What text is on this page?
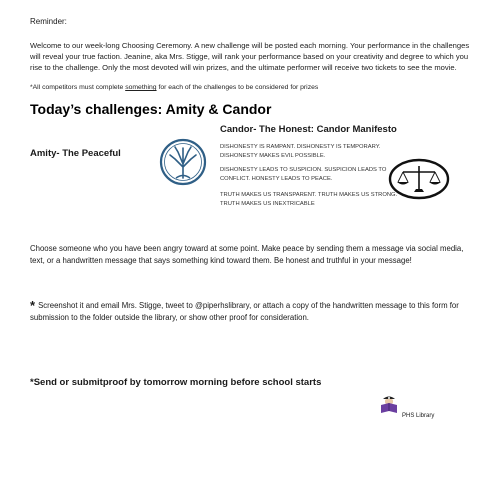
Reminder:
Welcome to our week-long Choosing Ceremony. A new challenge will be posted each morning. Your performance in the challenges will reveal your true faction. Jeanine, aka Mrs. Stigge, will rank your performance based on your creativity and degree to which you rise to the challenge. Only the most devoted will win prizes, and the ultimate performer will receive two tickets to see the movie.
*All competitors must complete something for each of the challenges to be considered for prizes
Today’s challenges: Amity & Candor
Amity- The Peaceful
Candor- The Honest: Candor Manifesto
DISHONESTY IS RAMPANT. DISHONESTY IS TEMPORARY.
DISHONESTY MAKES EVIL POSSIBLE.
DISHONESTY LEADS TO SUSPICION. SUSPICION LEADS TO
CONFLICT. HONESTY LEADS TO PEACE.
TRUTH MAKES US TRANSPARENT. TRUTH MAKES US STRONG.
TRUTH MAKES US INEXTRICABLE
Choose someone who you have been angry toward at some point. Make peace by sending them a message via social media, text, or a handwritten message that says something kind toward them. Be honest and truthful in your message!
* Screenshot it and email Mrs. Stigge, tweet to @piperhslibrary, or attach a copy of the handwritten message to this form for submission to the folder outside the library, or show other proof for consideration.
*Send or submitproof by tomorrow morning before school starts
PHS Library
